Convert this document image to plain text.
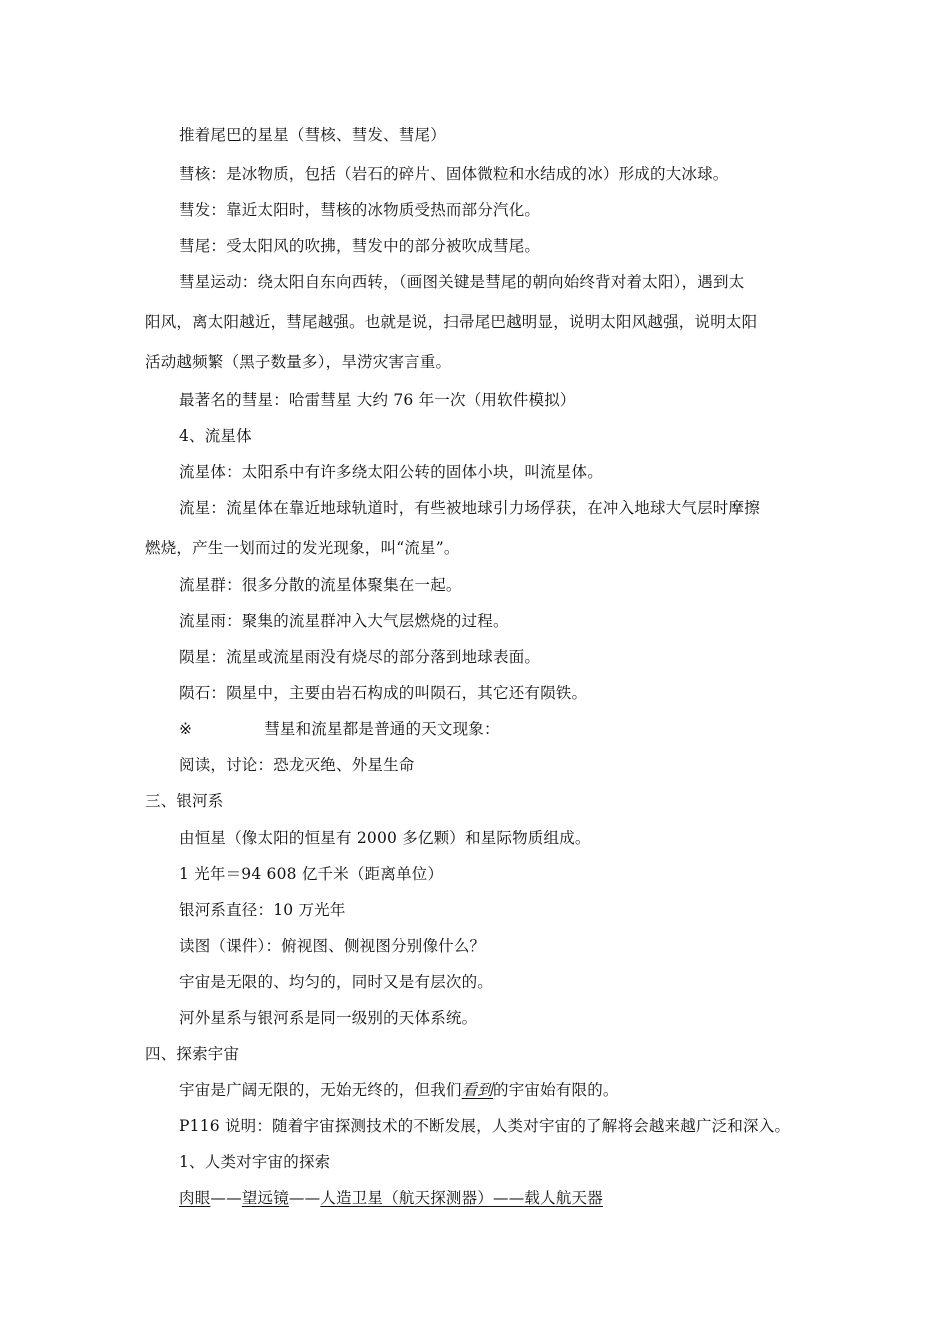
推着尾巴的星星（彗核、彗发、彗尾）
彗核：是冰物质，包括（岩石的碎片、固体微粒和水结成的冰）形成的大冰球。
彗发：靠近太阳时，彗核的冰物质受热而部分汽化。
彗尾：受太阳风的吹拂，彗发中的部分被吹成彗尾。
彗星运动：绕太阳自东向西转，（画图关键是彗尾的朝向始终背对着太阳），遇到太
阳风，离太阳越近，彗尾越强。也就是说，扫帚尾巴越明显，说明太阳风越强，说明太阳
活动越频繁（黑子数量多），旱涝灾害言重。
最著名的彗星：哈雷彗星 大约 76 年一次（用软件模拟）
4、流星体
流星体：太阳系中有许多绕太阳公转的固体小块，叫流星体。
流星：流星体在靠近地球轨道时，有些被地球引力场俘获，在冲入地球大气层时摩擦
燃烧，产生一划而过的发光现象，叫“流星”。
流星群：很多分散的流星体聚集在一起。
流星雨：聚集的流星群冲入大气层燃烧的过程。
陨星：流星或流星雨没有烧尽的部分落到地球表面。
陨石：陨星中，主要由岩石构成的叫陨石，其它还有陨铁。
※	彗星和流星都是普通的天文现象：
阅读，讨论：恐龙灭绝、外星生命
三、银河系
由恒星（像太阳的恒星有 2000 多亿颗）和星际物质组成。
1 光年＝94 608 亿千米（距离单位）
银河系直径：10 万光年
读图（课件）：俯视图、侧视图分别像什么？
宇宙是无限的、均匀的，同时又是有层次的。
河外星系与银河系是同一级别的天体系统。
四、探索宇宙
宇宙是广阔无限的，无始无终的，但我们看到的宇宙始有限的。
P116 说明：随着宇宙探测技术的不断发展，人类对宇宙的了解将会越来越广泛和深入。
1、人类对宇宙的探索
肉眼——望远镜——人造卫星（航天探测器）——载人航天器
